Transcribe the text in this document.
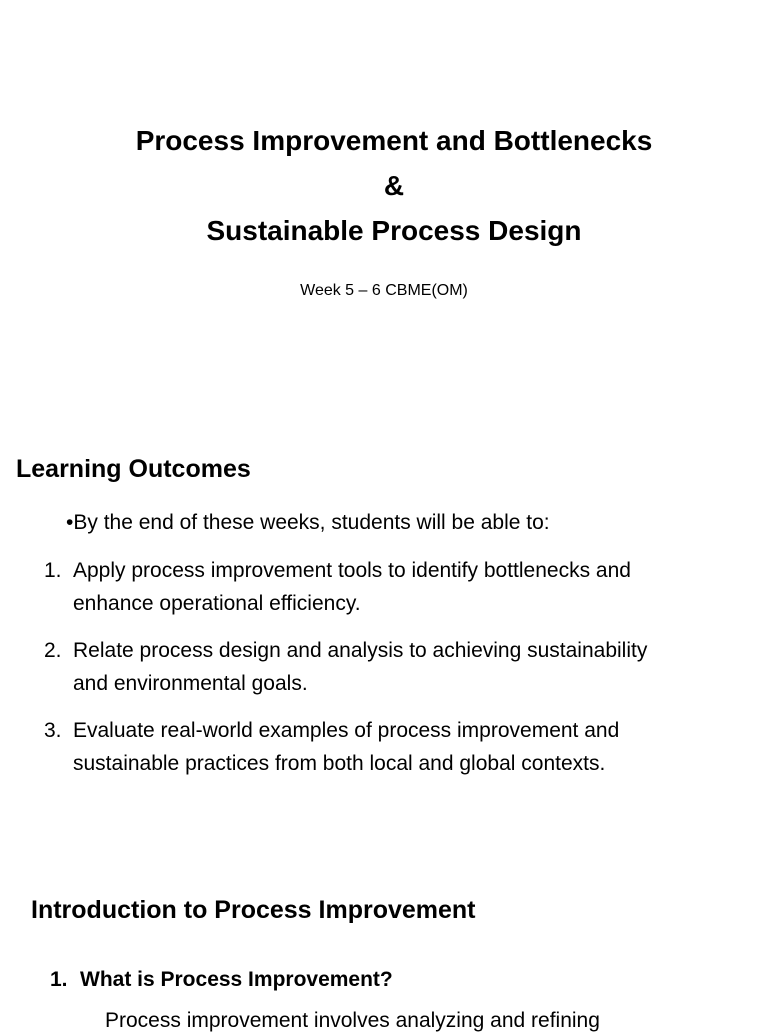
Process Improvement and Bottlenecks
&
Sustainable Process Design
Week 5 – 6 CBME(OM)
Learning Outcomes
•By the end of these weeks, students will be able to:
1. Apply process improvement tools to identify bottlenecks and
enhance operational efficiency.
2. Relate process design and analysis to achieving sustainability
and environmental goals.
3. Evaluate real-world examples of process improvement and
sustainable practices from both local and global contexts.
Introduction to Process Improvement
1. What is Process Improvement?
Process improvement involves analyzing and refining
